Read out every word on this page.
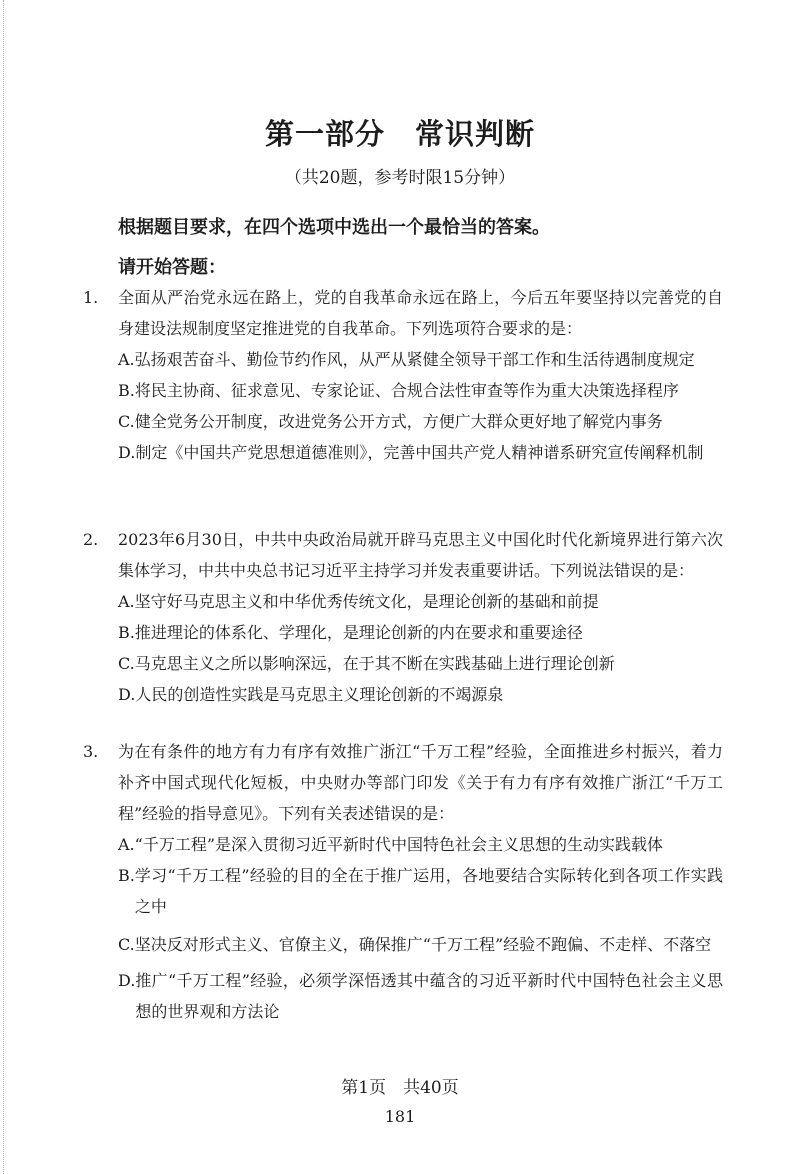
第一部分　常识判断
（共20题，参考时限15分钟）
根据题目要求，在四个选项中选出一个最恰当的答案。
请开始答题：
1.	全面从严治党永远在路上，党的自我革命永远在路上，今后五年要坚持以完善党的自身建设法规制度坚定推进党的自我革命。下列选项符合要求的是：
A. 弘扬艰苦奋斗、勤俭节约作风，从严从紧健全领导干部工作和生活待遇制度规定
B. 将民主协商、征求意见、专家论证、合规合法性审查等作为重大决策选择程序
C. 健全党务公开制度，改进党务公开方式，方便广大群众更好地了解党内事务
D. 制定《中国共产党思想道德准则》，完善中国共产党人精神谱系研究宣传阐释机制
2.	2023年6月30日，中共中央政治局就开辟马克思主义中国化时代化新境界进行第六次集体学习，中共中央总书记习近平主持学习并发表重要讲话。下列说法错误的是：
A. 坚守好马克思主义和中华优秀传统文化，是理论创新的基础和前提
B. 推进理论的体系化、学理化，是理论创新的内在要求和重要途径
C. 马克思主义之所以影响深远，在于其不断在实践基础上进行理论创新
D. 人民的创造性实践是马克思主义理论创新的不竭源泉
3.	为在有条件的地方有力有序有效推广浙江“千万工程”经验，全面推进乡村振兴，着力补齐中国式现代化短板，中央财办等部门印发《关于有力有序有效推广浙江“千万工程”经验的指导意见》。下列有关表述错误的是：
A. “千万工程”是深入贯彻习近平新时代中国特色社会主义思想的生动实践载体
B. 学习“千万工程”经验的目的全在于推广运用，各地要结合实际转化到各项工作实践之中
C. 坚决反对形式主义、官僚主义，确保推广“千万工程”经验不跑偏、不走样、不落空
D. 推广“千万工程”经验，必须学深悟透其中蕴含的习近平新时代中国特色社会主义思想的世界观和方法论
第1页　共40页
181
